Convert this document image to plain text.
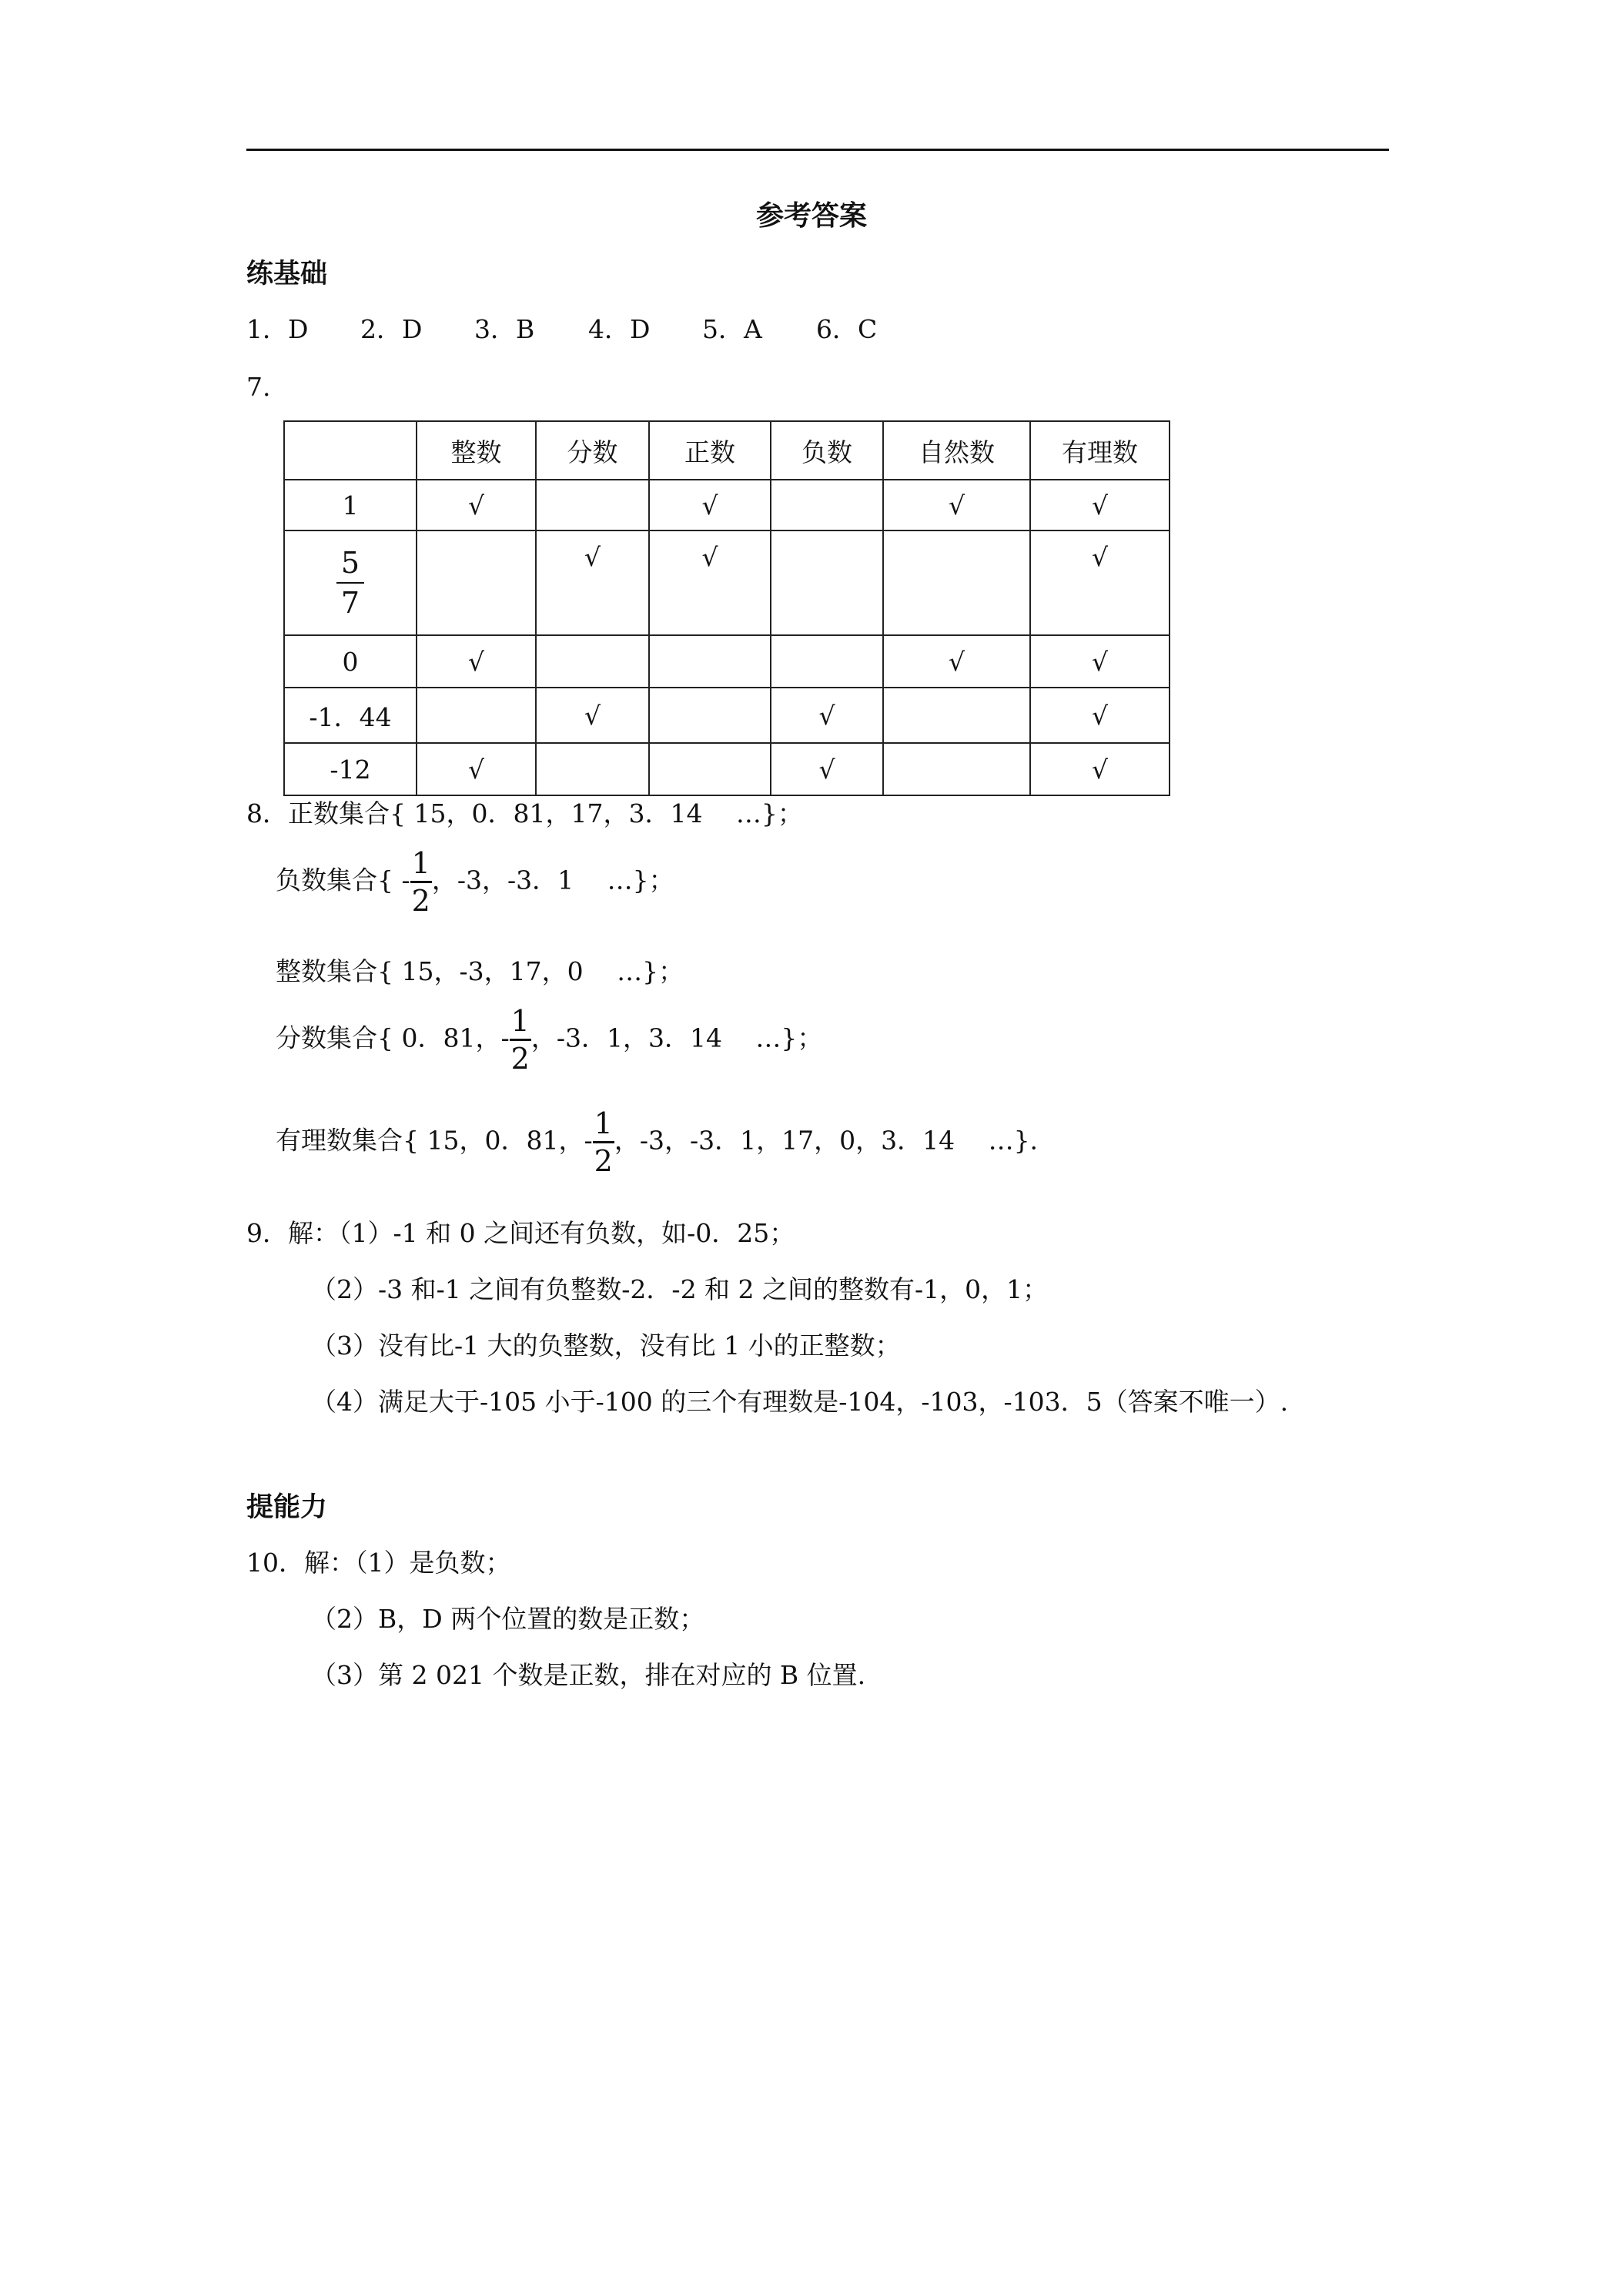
参考答案
练基础
1．D 2．D 3．B 4．D 5．A 6．C
7.
	整数	分数	正数	负数	自然数	有理数
1	√		√		√	√

$\frac{5}{7}$		√	√			√
0	√				√	√
-1．44		√		√		√
-12	√			√		√
8．正数集合{ 15，0．81，17，3．14　 …}；
负数集合{ - $\frac{1}{2}$ ，-3，-3．1　 …}；
整数集合{ 15，-3，17，0　 …}；
分数集合{ 0．81，- $\frac{1}{2}$ ，-3．1，3．14　 …}；
有理数集合{ 15，0．81，- $\frac{1}{2}$ ，-3，-3．1，17，0，3．14　 …}.
9．解：（1）-1 和 0 之间还有负数，如-0．25；
（2）-3 和-1 之间有负整数-2．-2 和 2 之间的整数有-1，0，1；
（3）没有比-1 大的负整数，没有比 1 小的正整数；
（4）满足大于-105 小于-100 的三个有理数是-104，-103，-103．5（答案不唯一）.
提能力
10．解：（1）是负数；
（2）B，D 两个位置的数是正数；
（3）第 2 021 个数是正数，排在对应的 B 位置.
